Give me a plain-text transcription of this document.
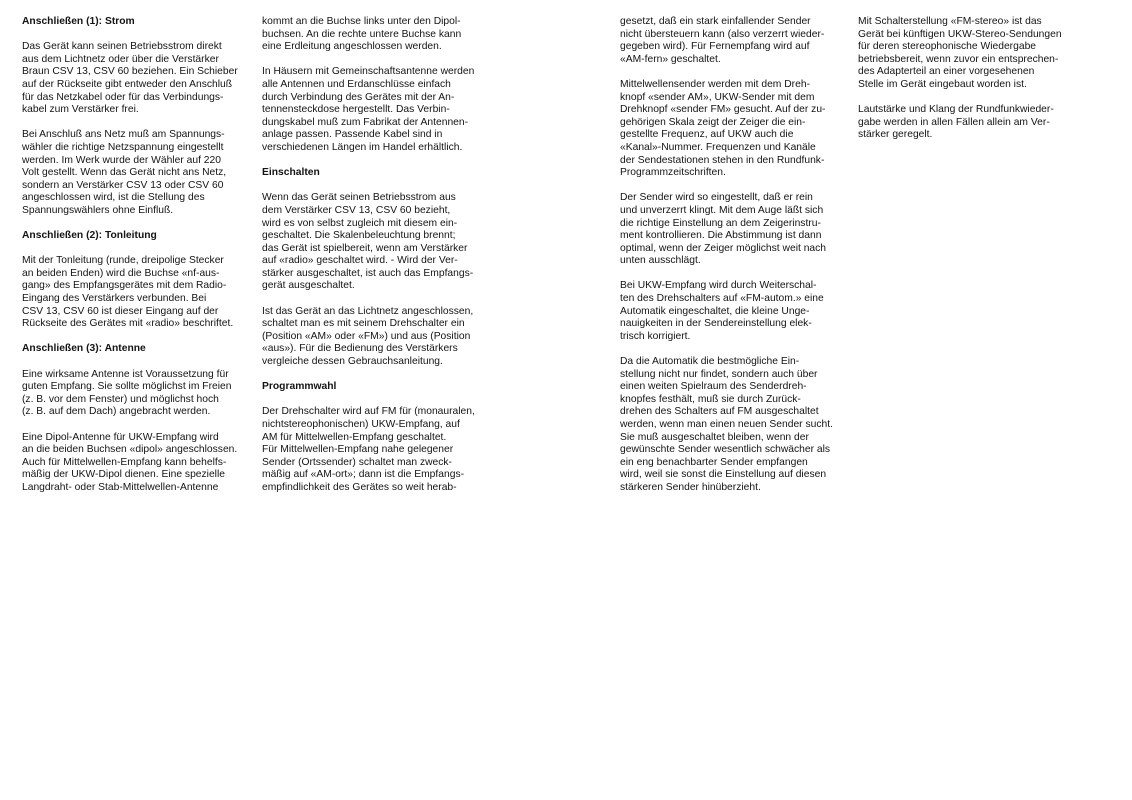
Anschließen (1): Strom

Das Gerät kann seinen Betriebsstrom direkt
aus dem Lichtnetz oder über die Verstärker
Braun CSV 13, CSV 60 beziehen. Ein Schieber
auf der Rückseite gibt entweder den Anschluß
für das Netzkabel oder für das Verbindungs-
kabel zum Verstärker frei.

Bei Anschluß ans Netz muß am Spannungs-
wähler die richtige Netzspannung eingestellt
werden. Im Werk wurde der Wähler auf 220
Volt gestellt. Wenn das Gerät nicht ans Netz,
sondern an Verstärker CSV 13 oder CSV 60
angeschlossen wird, ist die Stellung des
Spannungswählers ohne Einfluß.

Anschließen (2): Tonleitung

Mit der Tonleitung (runde, dreipolige Stecker
an beiden Enden) wird die Buchse «nf-aus-
gang» des Empfangsgerätes mit dem Radio-
Eingang des Verstärkers verbunden. Bei
CSV 13, CSV 60 ist dieser Eingang auf der
Rückseite des Gerätes mit «radio» beschriftet.

Anschließen (3): Antenne

Eine wirksame Antenne ist Voraussetzung für
guten Empfang. Sie sollte möglichst im Freien
(z. B. vor dem Fenster) und möglichst hoch
(z. B. auf dem Dach) angebracht werden.

Eine Dipol-Antenne für UKW-Empfang wird
an die beiden Buchsen «dipol» angeschlossen.
Auch für Mittelwellen-Empfang kann behelfs-
mäßig der UKW-Dipol dienen. Eine spezielle
Langdraht- oder Stab-Mittelwellen-Antenne

kommt an die Buchse links unter den Dipol-
buchsen. An die rechte untere Buchse kann
eine Erdleitung angeschlossen werden.

In Häusern mit Gemeinschaftsantenne werden
alle Antennen und Erdanschlüsse einfach
durch Verbindung des Gerätes mit der An-
tennensteckdose hergestellt. Das Verbin-
dungskabel muß zum Fabrikat der Antennen-
anlage passen. Passende Kabel sind in
verschiedenen Längen im Handel erhältlich.

Einschalten

Wenn das Gerät seinen Betriebsstrom aus
dem Verstärker CSV 13, CSV 60 bezieht,
wird es von selbst zugleich mit diesem ein-
geschaltet. Die Skalenbeleuchtung brennt;
das Gerät ist spielbereit, wenn am Verstärker
auf «radio» geschaltet wird. - Wird der Ver-
stärker ausgeschaltet, ist auch das Empfangs-
gerät ausgeschaltet.

Ist das Gerät an das Lichtnetz angeschlossen,
schaltet man es mit seinem Drehschalter ein
(Position «AM» oder «FM») und aus (Position
«aus»). Für die Bedienung des Verstärkers
vergleiche dessen Gebrauchsanleitung.

Programmwahl

Der Drehschalter wird auf FM für (monauralen,
nichtstereophonischen) UKW-Empfang, auf
AM für Mittelwellen-Empfang geschaltet.
Für Mittelwellen-Empfang nahe gelegener
Sender (Ortssender) schaltet man zweck-
mäßig auf «AM-ort»; dann ist die Empfangs-
empfindlichkeit des Gerätes so weit herab-

gesetzt, daß ein stark einfallender Sender
nicht übersteuern kann (also verzerrt wieder-
gegeben wird). Für Fernempfang wird auf
«AM-fern» geschaltet.

Mittelwellensender werden mit dem Dreh-
knopf «sender AM», UKW-Sender mit dem
Drehknopf «sender FM» gesucht. Auf der zu-
gehörigen Skala zeigt der Zeiger die ein-
gestellte Frequenz, auf UKW auch die
«Kanal»-Nummer. Frequenzen und Kanäle
der Sendestationen stehen in den Rundfunk-
Programmzeitschriften.

Der Sender wird so eingestellt, daß er rein
und unverzerrt klingt. Mit dem Auge läßt sich
die richtige Einstellung an dem Zeigerinstru-
ment kontrollieren. Die Abstimmung ist dann
optimal, wenn der Zeiger möglichst weit nach
unten ausschlägt.

Bei UKW-Empfang wird durch Weiterschal-
ten des Drehschalters auf «FM-autom.» eine
Automatik eingeschaltet, die kleine Unge-
nauigkeiten in der Sendereinstellung elek-
trisch korrigiert.

Da die Automatik die bestmögliche Ein-
stellung nicht nur findet, sondern auch über
einen weiten Spielraum des Senderdreh-
knopfes festhält, muß sie durch Zurück-
drehen des Schalters auf FM ausgeschaltet
werden, wenn man einen neuen Sender sucht.
Sie muß ausgeschaltet bleiben, wenn der
gewünschte Sender wesentlich schwächer als
ein eng benachbarter Sender empfangen
wird, weil sie sonst die Einstellung auf diesen
stärkeren Sender hinüberzieht.

Mit Schalterstellung «FM-stereo» ist das
Gerät bei künftigen UKW-Stereo-Sendungen
für deren stereophonische Wiedergabe
betriebsbereit, wenn zuvor ein entsprechen-
des Adapterteil an einer vorgesehenen
Stelle im Gerät eingebaut worden ist.

Lautstärke und Klang der Rundfunkwieder-
gabe werden in allen Fällen allein am Ver-
stärker geregelt.
